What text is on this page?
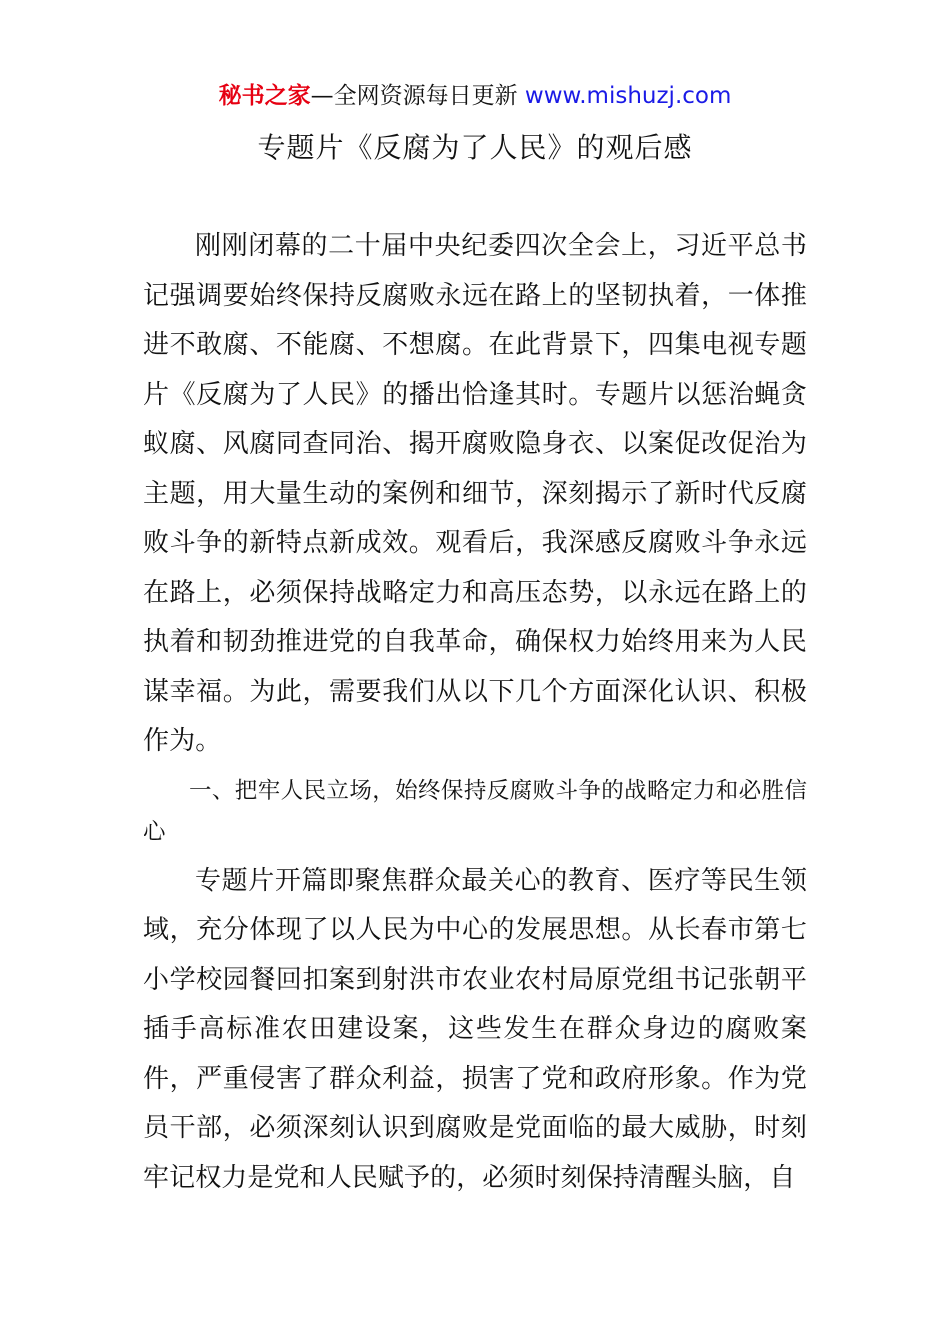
秘书之家—全网资源每日更新 www.mishuzj.com
专题片《反腐为了人民》的观后感

刚刚闭幕的二十届中央纪委四次全会上，习近平总书记强调要始终保持反腐败永远在路上的坚韧执着，一体推进不敢腐、不能腐、不想腐。在此背景下，四集电视专题片《反腐为了人民》的播出恰逢其时。专题片以惩治蝇贪蚁腐、风腐同查同治、揭开腐败隐身衣、以案促改促治为主题，用大量生动的案例和细节，深刻揭示了新时代反腐败斗争的新特点新成效。观看后，我深感反腐败斗争永远在路上，必须保持战略定力和高压态势，以永远在路上的执着和韧劲推进党的自我革命，确保权力始终用来为人民谋幸福。为此，需要我们从以下几个方面深化认识、积极作为。

一、把牢人民立场，始终保持反腐败斗争的战略定力和必胜信心

专题片开篇即聚焦群众最关心的教育、医疗等民生领域，充分体现了以人民为中心的发展思想。从长春市第七小学校园餐回扣案到射洪市农业农村局原党组书记张朝平插手高标准农田建设案，这些发生在群众身边的腐败案件，严重侵害了群众利益，损害了党和政府形象。作为党员干部，必须深刻认识到腐败是党面临的最大威胁，时刻牢记权力是党和人民赋予的，必须时刻保持清醒头脑，自
